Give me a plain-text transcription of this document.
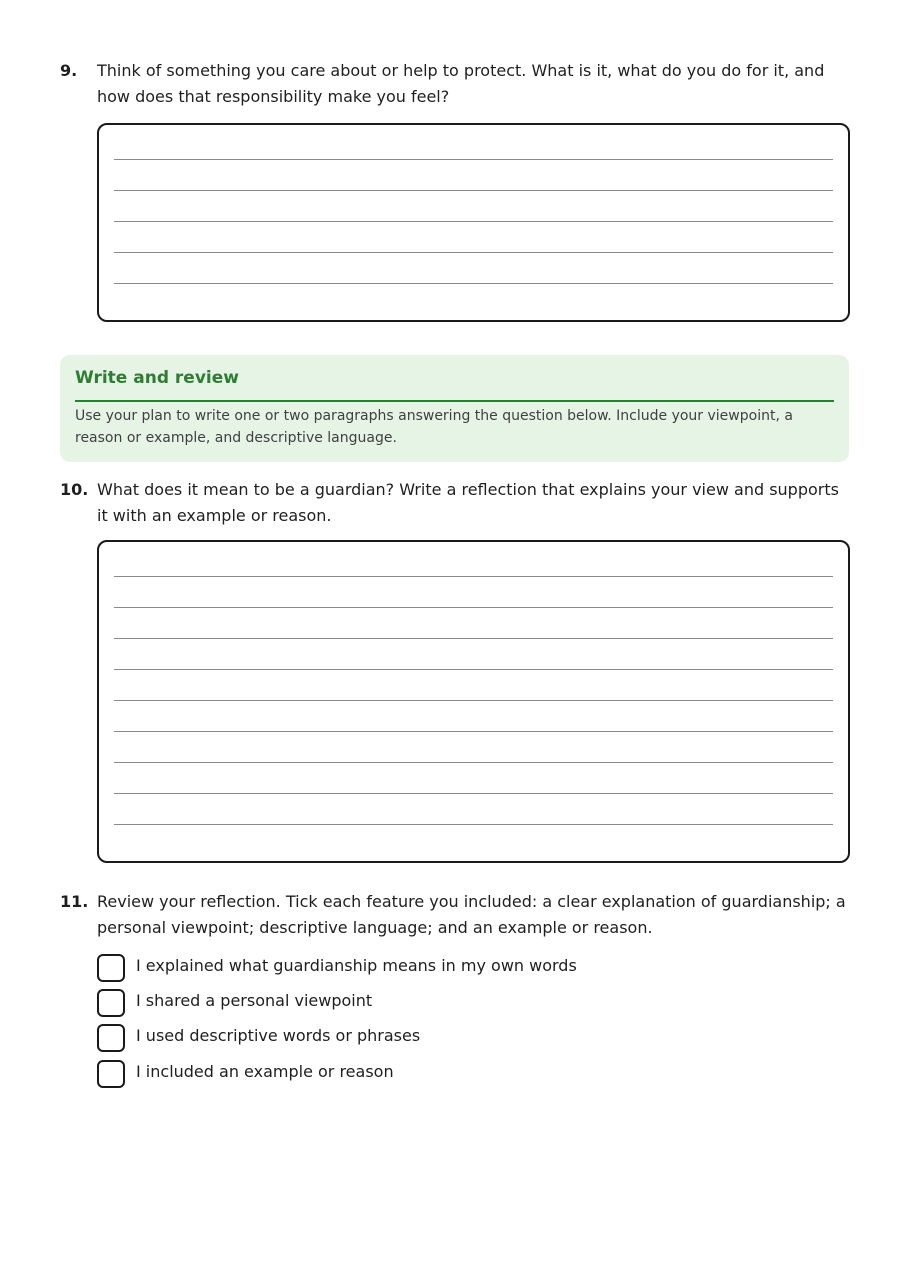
9. Think of something you care about or help to protect. What is it, what do you do for it, and how does that responsibility make you feel?
Write and review
Use your plan to write one or two paragraphs answering the question below. Include your viewpoint, a reason or example, and descriptive language.
10. What does it mean to be a guardian? Write a reflection that explains your view and supports it with an example or reason.
11. Review your reflection. Tick each feature you included: a clear explanation of guardianship; a personal viewpoint; descriptive language; and an example or reason.
I explained what guardianship means in my own words
I shared a personal viewpoint
I used descriptive words or phrases
I included an example or reason
